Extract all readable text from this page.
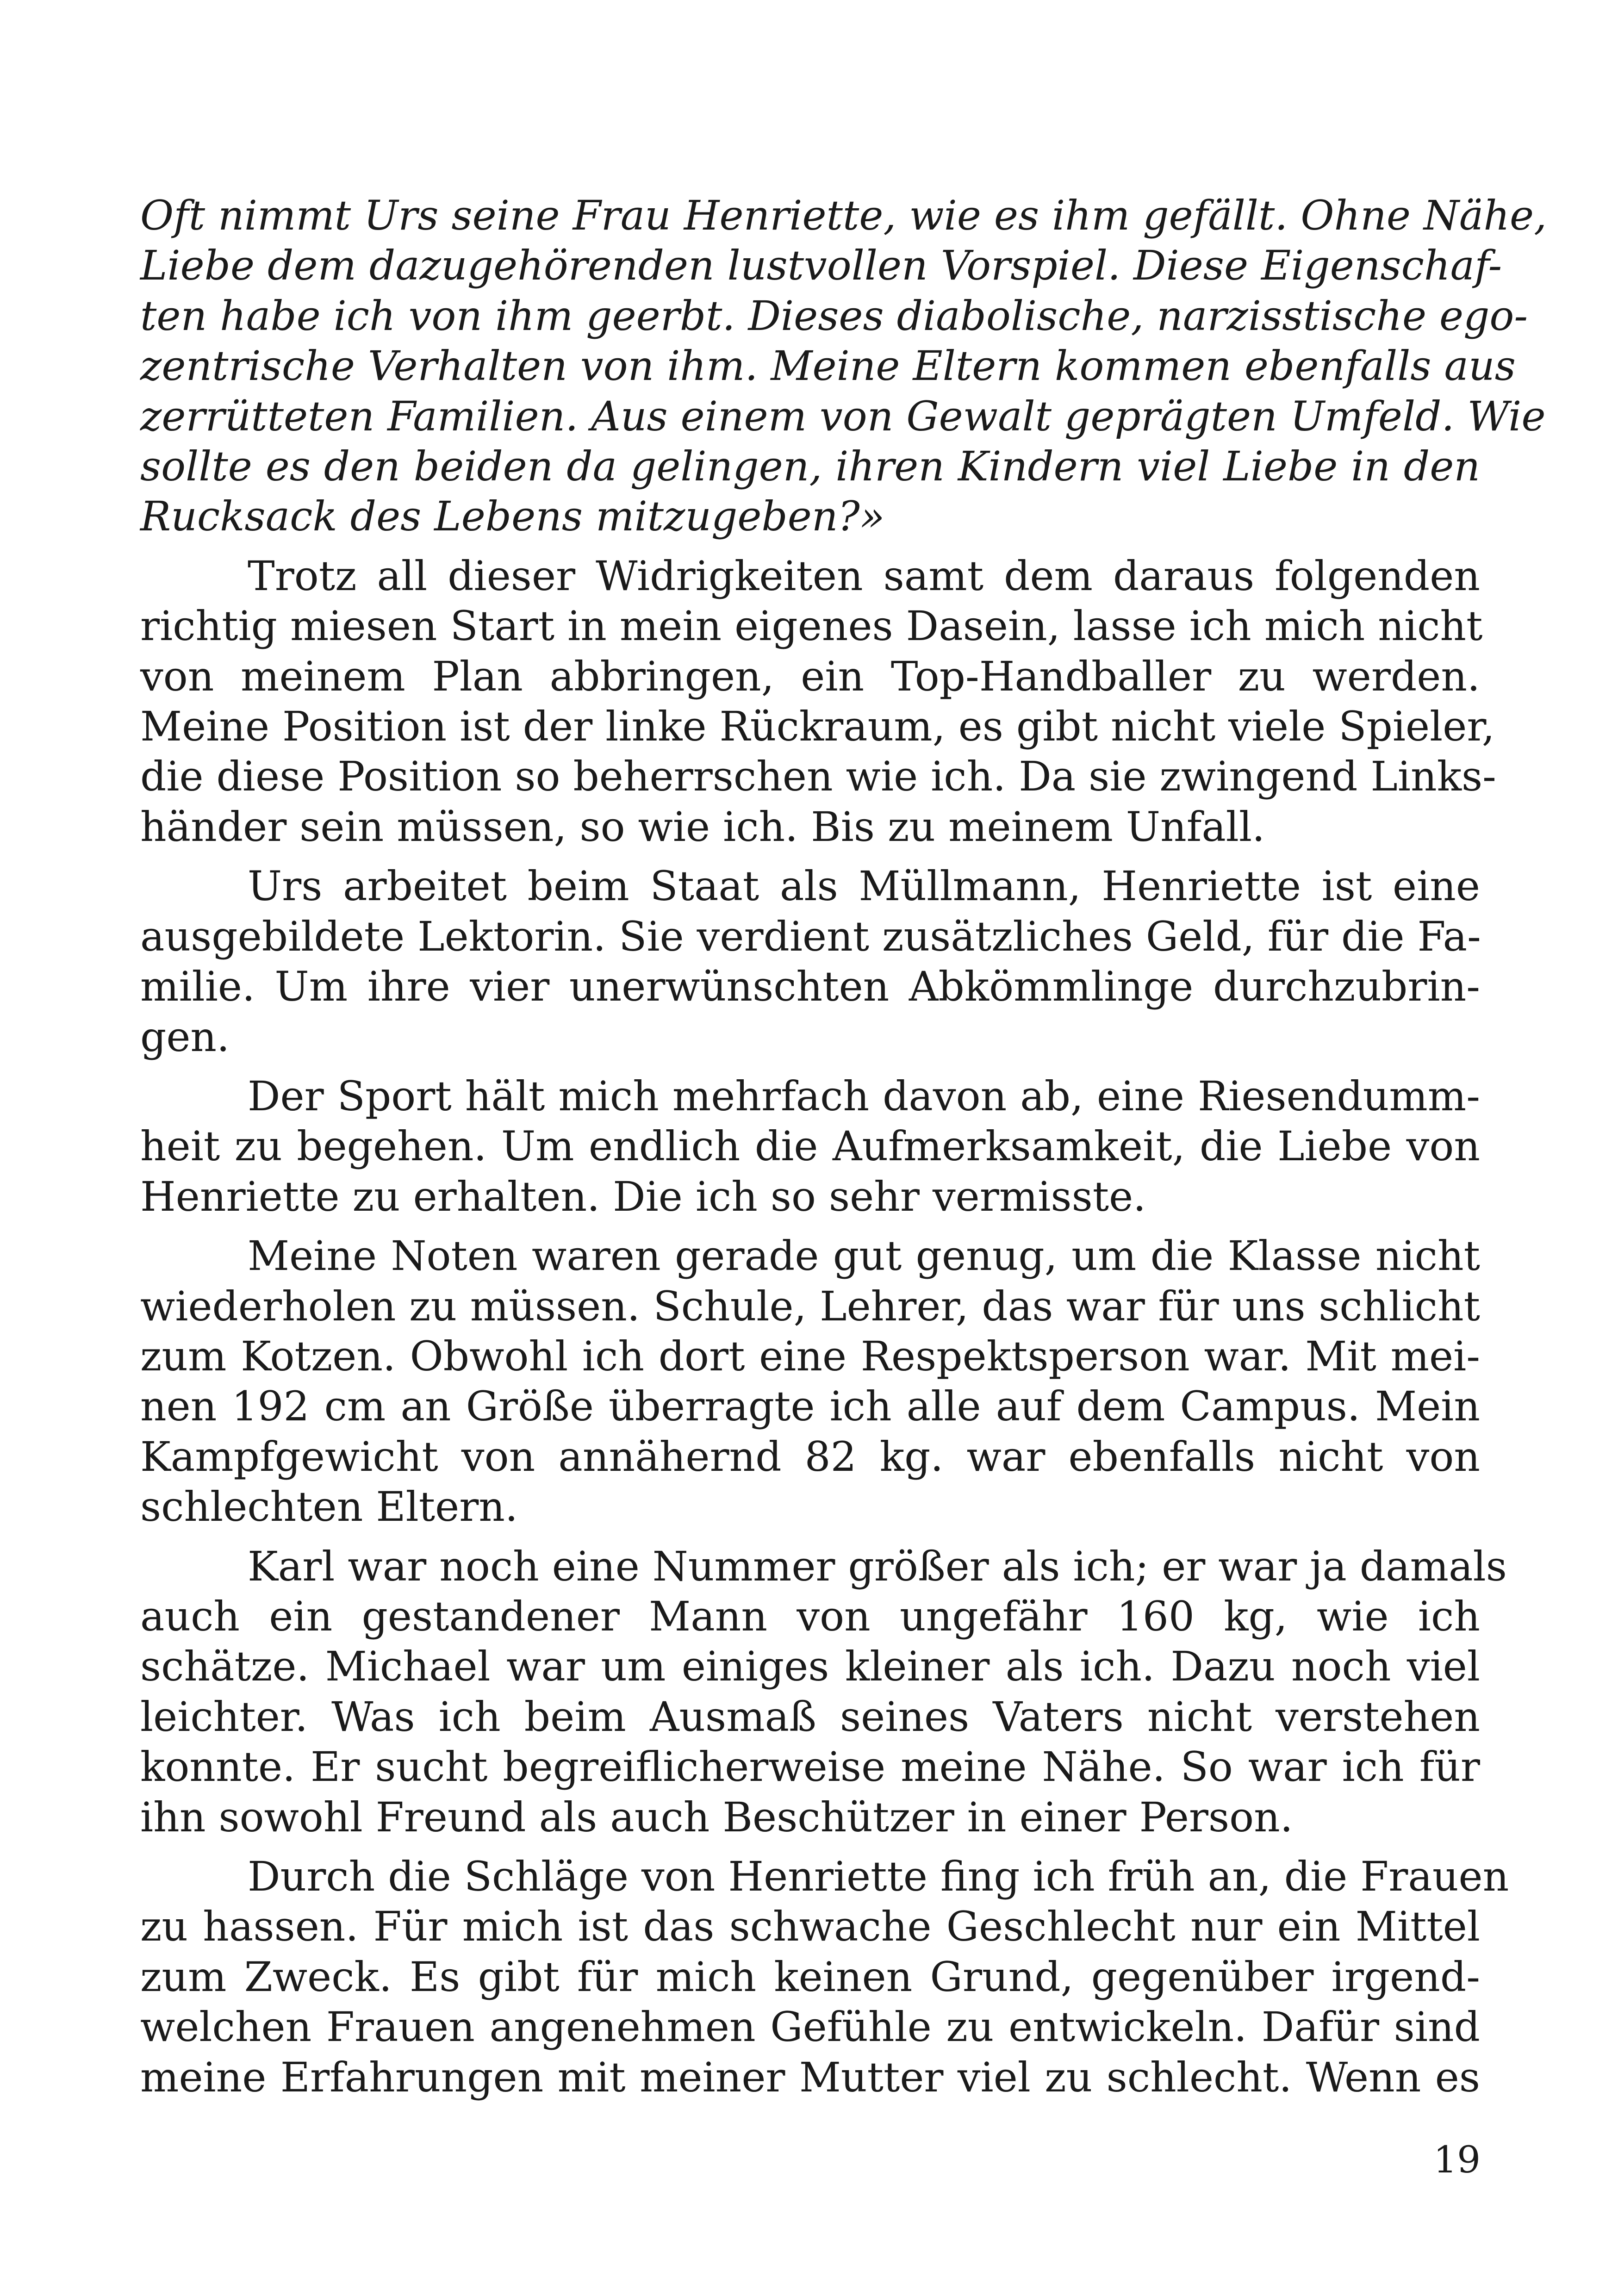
Oft nimmt Urs seine Frau Henriette, wie es ihm gefällt. Ohne Nähe,
Liebe dem dazugehörenden lustvollen Vorspiel. Diese Eigenschaf-
ten habe ich von ihm geerbt. Dieses diabolische, narzisstische ego-
zentrische Verhalten von ihm. Meine Eltern kommen ebenfalls aus
zerrütteten Familien. Aus einem von Gewalt geprägten Umfeld. Wie
sollte es den beiden da gelingen, ihren Kindern viel Liebe in den
Rucksack des Lebens mitzugeben?»

Trotz all dieser Widrigkeiten samt dem daraus folgenden
richtig miesen Start in mein eigenes Dasein, lasse ich mich nicht
von meinem Plan abbringen, ein Top-Handballer zu werden.
Meine Position ist der linke Rückraum, es gibt nicht viele Spieler,
die diese Position so beherrschen wie ich. Da sie zwingend Links-
händer sein müssen, so wie ich. Bis zu meinem Unfall.

Urs arbeitet beim Staat als Müllmann, Henriette ist eine
ausgebildete Lektorin. Sie verdient zusätzliches Geld, für die Fa-
milie. Um ihre vier unerwünschten Abkömmlinge durchzubrin-
gen.

Der Sport hält mich mehrfach davon ab, eine Riesendumm-
heit zu begehen. Um endlich die Aufmerksamkeit, die Liebe von
Henriette zu erhalten. Die ich so sehr vermisste.

Meine Noten waren gerade gut genug, um die Klasse nicht
wiederholen zu müssen. Schule, Lehrer, das war für uns schlicht
zum Kotzen. Obwohl ich dort eine Respektsperson war. Mit mei-
nen 192 cm an Größe überragte ich alle auf dem Campus. Mein
Kampfgewicht von annähernd 82 kg. war ebenfalls nicht von
schlechten Eltern.

Karl war noch eine Nummer größer als ich; er war ja damals
auch ein gestandener Mann von ungefähr 160 kg, wie ich
schätze. Michael war um einiges kleiner als ich. Dazu noch viel
leichter. Was ich beim Ausmaß seines Vaters nicht verstehen
konnte. Er sucht begreiflicherweise meine Nähe. So war ich für
ihn sowohl Freund als auch Beschützer in einer Person.

Durch die Schläge von Henriette fing ich früh an, die Frauen
zu hassen. Für mich ist das schwache Geschlecht nur ein Mittel
zum Zweck. Es gibt für mich keinen Grund, gegenüber irgend-
welchen Frauen angenehmen Gefühle zu entwickeln. Dafür sind
meine Erfahrungen mit meiner Mutter viel zu schlecht. Wenn es

19
